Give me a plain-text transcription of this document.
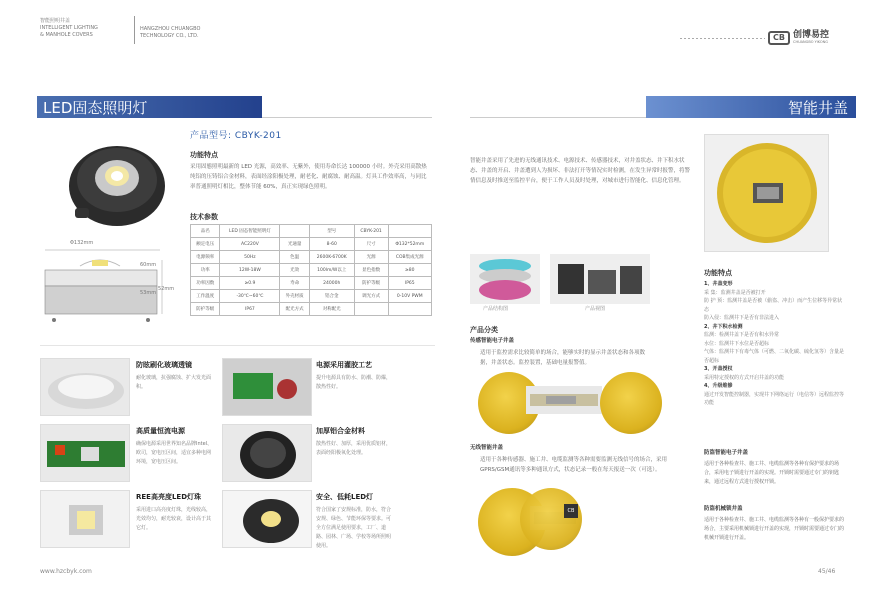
智能照明井盖
INTELLIGENT LIGHTING
& MANHOLE COVERS
HANGZHOU CHUANGBO
TECHNOLOGY CO., LTD.	CB 创博易控
CHUANGBO YIKONG
LED固态照明灯
Φ132mm
60mm
53mm
52mm
产品型号: CBYK-201
功能特点
采用固態照明最新的 LED 光源，高效率、无紫外，使用寿命长达 100000 小时。外壳采用高散热纯铝的压铸铝合金材料，表面经涂阳极处理，耐老化、耐腐蚀、耐高温。灯具工作效率高，与同比率普通照明灯相比，整体节能 60%，真正实现绿色照明。
技术参数
品名	LED 固态智能照明灯		型号	CBYK-201	
额定电压	AC220V	光通量	8-60	尺寸	Φ132*52mm
电源频率	50Hz	色温	2600K-6700K	光源	COB集成光源
功率	12W-18W	光效	100lm/W以上	显色指数	≥80
功率因数	≥0.9	寿命	24000h	防护等级	IP65
工作温度	-30℃~60℃	外壳材质	铝合金	调光方式	0-10V PWM
防护等级	IP67	配光方式	对称配光		
防眩刷化玻璃透镜
耐化玻璃，抗强腐蚀、扩大发光面积。
电源采用灌胶工艺
提升电源具有防水、防潮、防爆，散热性好。
高质量恒流电源
确保电源采用世界知名品牌Intel、欧司，宽电压区间，适宜多种电网环境，宽电压区间。
加厚铝合金材料
散热性好、加厚，采用优质铝材，表面经阳极氧化处理。
REE高亮度LED灯珠
采用进口高亮度灯珠，光线较高，光效均匀，耐光较衰，设计高于其它灯。
安全、低耗LED灯
符合国家了安规标准，防水，符合安规、绿色、节能环保等要求。可全方位满足使用要求，工厂、道路、园林、广场、学校等场所照明使用。
www.hzcbyk.com
智能井盖
智能井盖采用了先进的无线通讯技术、电源技术、传感器技术，对井盖状态、井下积水状态、井盖的开启、井盖遭到人为损坏、非法打开等情况实时检测，在发生异常时报警，将警情信息及时推送至监控平台，便于工作人员及时处理，对城市进行智能化、信息化管理。
产品结构图	产品视图
产品分类
传感智能电子井盖
适用于监控需求比较简单的场合，能够实时的显示井盖状态和各项数据，井盖状态。监控装置，基础电量报警值。
无线智能井盖
适用于各种传感器、施工井、电缆监测等各种需要监测无线信号的场合，采用GPRS/GSM通讯等多种通讯方式，状态记录一般在每天报送一次（可选）。
CB
功能特点
1、井盖变形
采 集：监测井盖是否被打开
防 护 预：监测井盖是否被（偷盗、冲击）而产生位移等异常状态
防入侵：监测井下是否有非法进入
2、井下积水检测
监测：检测井盖下是否有积水异常
水位：监测井下水位是否超标
气体：监测井下有毒气体（可燃、二氧化碳、硫化氢等）含量是否超标
3、开盖授权
采用特定授权的方式开启井盖的功能
4、升级维修
通过开发智能控制器，实现井下网络运行（电信等）远程监控等功能
防盗智能电子井盖
适用于各种检查井、施工井、电缆监测等各种有保护要求的场合，采用电子锁进行开盖的实现。开锁时需要通过专门的钥匙来，通过远程方式进行授权开锁。
防盗机械锁井盖
适用于各种检查井、施工井、电缆监测等各种有一般保护要求的场合，主要采用机械锁进行开盖的实现，开锁时需要通过专门的机械开锁进行开盖。
45/46
